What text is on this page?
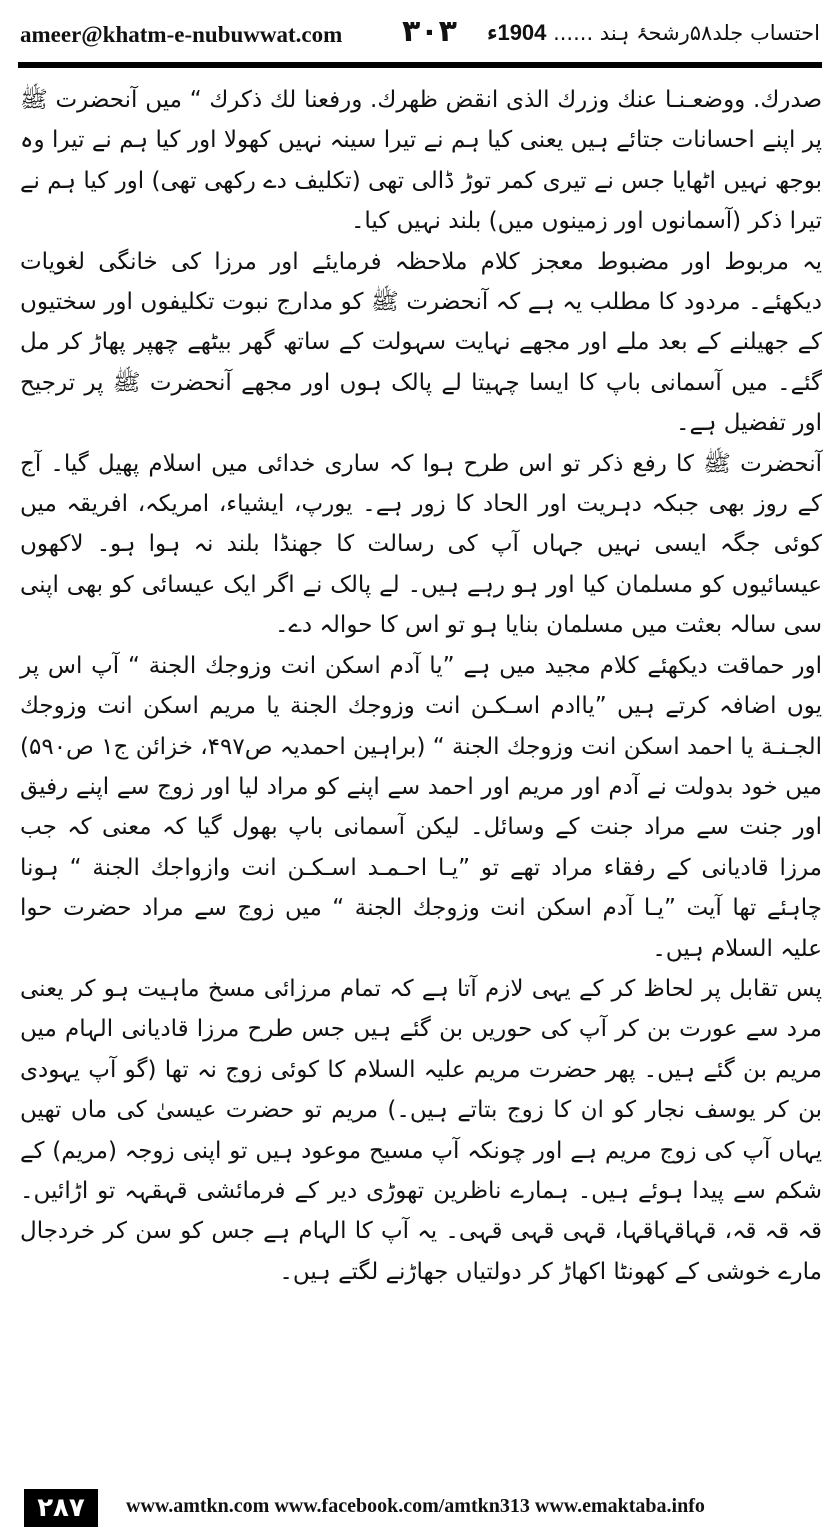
ameer@khatm-e-nubuwwat.com ۳۰۳	احتساب جلد۵۸رشحۂ ہند ...... 1904ء

صدرك. ووضعـنـا عنك وزرك الذى انقض ظهرك. ورفعنا لك ذكرك “ میں آنحضرت ﷺ پر اپنے احسانات جتائے ہیں یعنی کیا ہم نے تیرا سینہ نہیں کھولا اور کیا ہم نے تیرا وہ بوجھ نہیں اٹھایا جس نے تیری کمر توڑ ڈالی تھی (تکلیف دے رکھی تھی) اور کیا ہم نے تیرا ذکر (آسمانوں اور زمینوں میں) بلند نہیں کیا۔

یہ مربوط اور مضبوط معجز کلام ملاحظہ فرمایئے اور مرزا کی خانگی لغویات دیکھئے۔ مردود کا مطلب یہ ہے کہ آنحضرت ﷺ کو مدارج نبوت تکلیفوں اور سختیوں کے جھیلنے کے بعد ملے اور مجھے نہایت سہولت کے ساتھ گھر بیٹھے چھپر پھاڑ کر مل گئے۔ میں آسمانی باپ کا ایسا چہیتا لے پالک ہوں اور مجھے آنحضرت ﷺ پر ترجیح اور تفضیل ہے۔

آنحضرت ﷺ کا رفع ذکر تو اس طرح ہوا کہ ساری خدائی میں اسلام پھیل گیا۔ آج کے روز بھی جبکہ دہریت اور الحاد کا زور ہے۔ یورپ، ایشیاء، امریکہ، افریقہ میں کوئی جگہ ایسی نہیں جہاں آپ کی رسالت کا جھنڈا بلند نہ ہوا ہو۔ لاکھوں عیسائیوں کو مسلمان کیا اور ہو رہے ہیں۔ لے پالک نے اگر ایک عیسائی کو بھی اپنی سی سالہ بعثت میں مسلمان بنایا ہو تو اس کا حوالہ دے۔

اور حماقت دیکھئے کلام مجید میں ہے ”یا آدم اسکن انت وزوجك الجنة “ آپ اس پر یوں اضافہ کرتے ہیں ”یاادم اسـکـن انت وزوجك الجنة یا مریم اسکن انت وزوجك الجـنـة یا احمد اسکن انت وزوجك الجنة “ (براہین احمدیہ ص۴۹۷، خزائن ج۱ ص۵۹۰) میں خود بدولت نے آدم اور مریم اور احمد سے اپنے کو مراد لیا اور زوج سے اپنے رفیق اور جنت سے مراد جنت کے وسائل۔ لیکن آسمانی باپ بھول گیا کہ معنی کہ جب مرزا قادیانی کے رفقاء مراد تھے تو ”یـا احـمـد اسـکـن انت وازواجك الجنة “ ہونا چاہئے تھا آیت ”یـا آدم اسکن انت وزوجك الجنة “ میں زوج سے مراد حضرت حوا علیہ السلام ہیں۔

پس تقابل پر لحاظ کر کے یہی لازم آتا ہے کہ تمام مرزائی مسخ ماہیت ہو کر یعنی مرد سے عورت بن کر آپ کی حوریں بن گئے ہیں جس طرح مرزا قادیانی الہام میں مریم بن گئے ہیں۔ پھر حضرت مریم علیہ السلام کا کوئی زوج نہ تھا (گو آپ یہودی بن کر یوسف نجار کو ان کا زوج بتاتے ہیں۔) مریم تو حضرت عیسیٰ کی ماں تھیں یہاں آپ کی زوج مریم ہے اور چونکہ آپ مسیح موعود ہیں تو اپنی زوجہ (مریم) کے شکم سے پیدا ہوئے ہیں۔ ہمارے ناظرین تھوڑی دیر کے فرمائشی قہقہہ تو اڑائیں۔ قہ قہ قہ، قہاقہاقہا، قہی قہی قہی۔ یہ آپ کا الہام ہے جس کو سن کر خردجال مارے خوشی کے کھونٹا اکھاڑ کر دولتیاں جھاڑنے لگتے ہیں۔

۲۸۷	www.amtkn.com www.facebook.com/amtkn313 www.emaktaba.info
